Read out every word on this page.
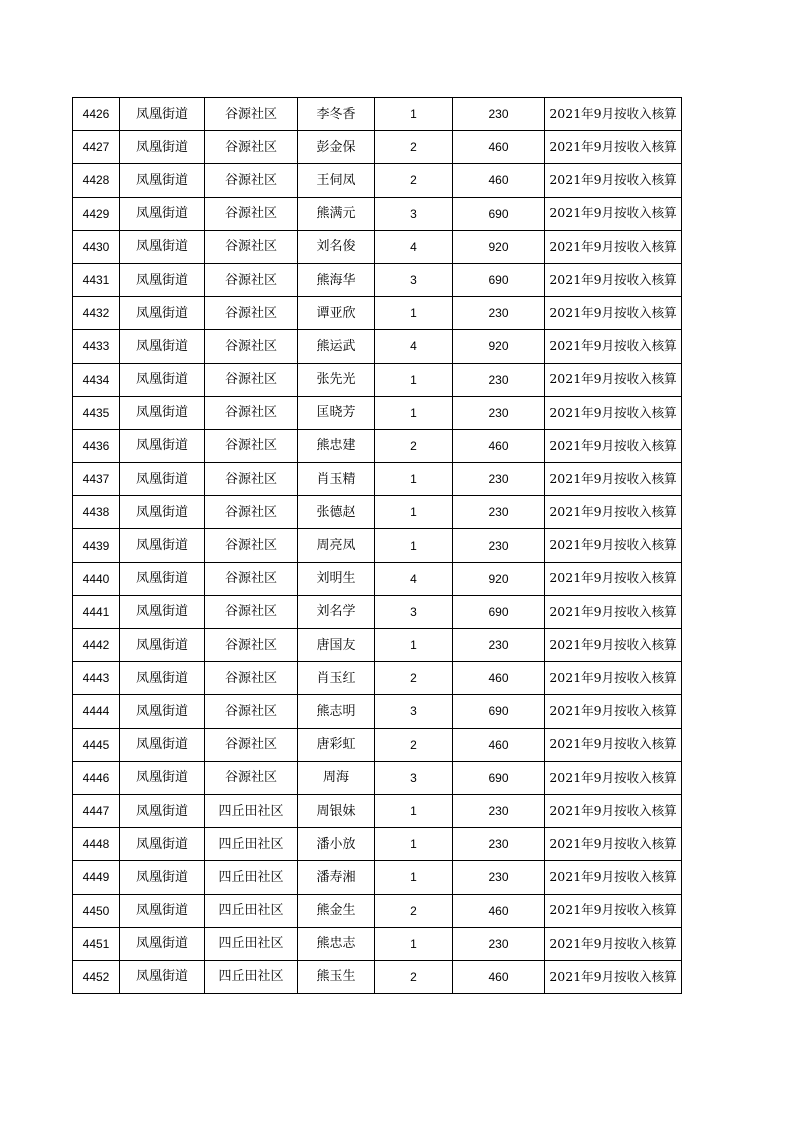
4426	凤凰街道	谷源社区	李冬香	1	230	2021年9月按收入核算
4427	凤凰街道	谷源社区	彭金保	2	460	2021年9月按收入核算
4428	凤凰街道	谷源社区	王伺凤	2	460	2021年9月按收入核算
4429	凤凰街道	谷源社区	熊满元	3	690	2021年9月按收入核算
4430	凤凰街道	谷源社区	刘名俊	4	920	2021年9月按收入核算
4431	凤凰街道	谷源社区	熊海华	3	690	2021年9月按收入核算
4432	凤凰街道	谷源社区	谭亚欣	1	230	2021年9月按收入核算
4433	凤凰街道	谷源社区	熊运武	4	920	2021年9月按收入核算
4434	凤凰街道	谷源社区	张先光	1	230	2021年9月按收入核算
4435	凤凰街道	谷源社区	匡晓芳	1	230	2021年9月按收入核算
4436	凤凰街道	谷源社区	熊忠建	2	460	2021年9月按收入核算
4437	凤凰街道	谷源社区	肖玉精	1	230	2021年9月按收入核算
4438	凤凰街道	谷源社区	张德赵	1	230	2021年9月按收入核算
4439	凤凰街道	谷源社区	周亮凤	1	230	2021年9月按收入核算
4440	凤凰街道	谷源社区	刘明生	4	920	2021年9月按收入核算
4441	凤凰街道	谷源社区	刘名学	3	690	2021年9月按收入核算
4442	凤凰街道	谷源社区	唐国友	1	230	2021年9月按收入核算
4443	凤凰街道	谷源社区	肖玉红	2	460	2021年9月按收入核算
4444	凤凰街道	谷源社区	熊志明	3	690	2021年9月按收入核算
4445	凤凰街道	谷源社区	唐彩虹	2	460	2021年9月按收入核算
4446	凤凰街道	谷源社区	周海	3	690	2021年9月按收入核算
4447	凤凰街道	四丘田社区	周银妹	1	230	2021年9月按收入核算
4448	凤凰街道	四丘田社区	潘小放	1	230	2021年9月按收入核算
4449	凤凰街道	四丘田社区	潘寿湘	1	230	2021年9月按收入核算
4450	凤凰街道	四丘田社区	熊金生	2	460	2021年9月按收入核算
4451	凤凰街道	四丘田社区	熊忠志	1	230	2021年9月按收入核算
4452	凤凰街道	四丘田社区	熊玉生	2	460	2021年9月按收入核算
